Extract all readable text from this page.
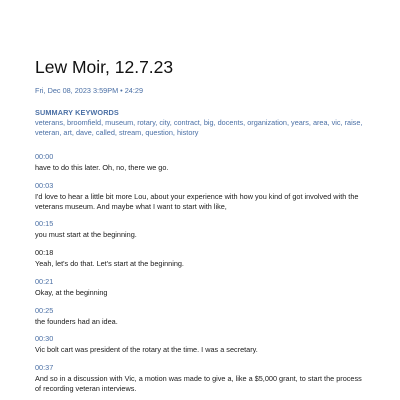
Lew Moir, 12.7.23
Fri, Dec 08, 2023 3:59PM • 24:29
SUMMARY KEYWORDS
veterans, broomfield, museum, rotary, city, contract, big, docents, organization, years, area, vic, raise, veteran, art, dave, called, stream, question, history
00:00
have to do this later. Oh, no, there we go.
00:03
I'd love to hear a little bit more Lou, about your experience with how you kind of got involved with the veterans museum. And maybe what I want to start with like,
00:15
you must start at the beginning.
00:18
Yeah, let's do that. Let's start at the beginning.
00:21
Okay, at the beginning
00:25
the founders had an idea.
00:30
Vic bolt cart was president of the rotary at the time. I was a secretary.
00:37
And so in a discussion with Vic, a motion was made to give a, like a $5,000 grant, to start the process of recording veteran interviews.
